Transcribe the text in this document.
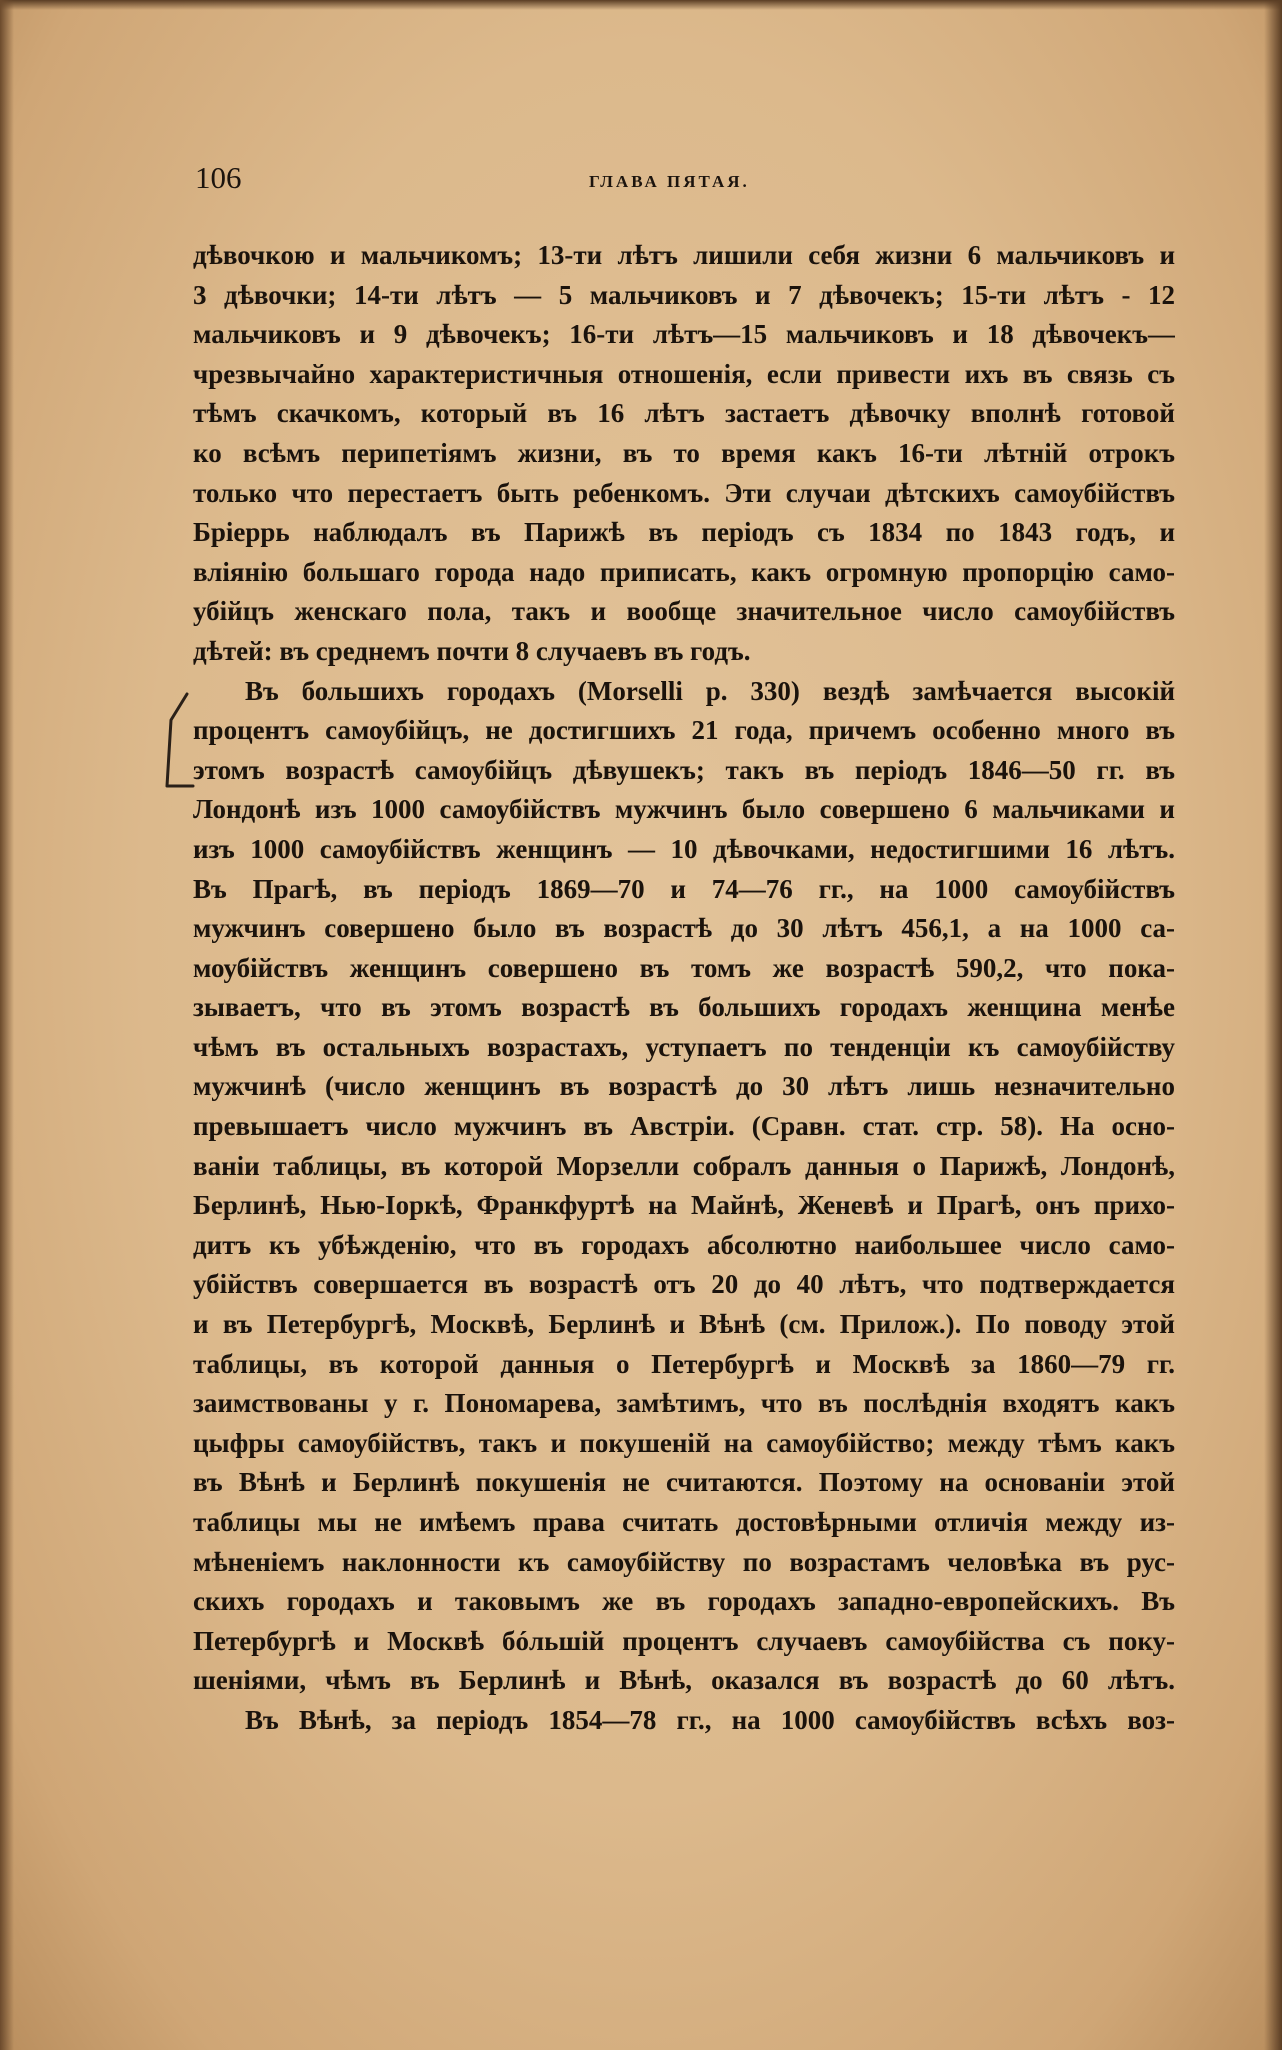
106	ГЛАВА ПЯТАЯ.
дѣвочкою и мальчикомъ; 13-ти лѣтъ лишили себя жизни 6 мальчиковъ и
3 дѣвочки; 14-ти лѣтъ — 5 мальчиковъ и 7 дѣвочекъ; 15-ти лѣтъ - 12
мальчиковъ и 9 дѣвочекъ; 16-ти лѣтъ—15 мальчиковъ и 18 дѣвочекъ—
чрезвычайно характеристичныя отношенія, если привести ихъ въ связь съ
тѣмъ скачкомъ, который въ 16 лѣтъ застаетъ дѣвочку вполнѣ готовой
ко всѣмъ перипетіямъ жизни, въ то время какъ 16-ти лѣтній отрокъ
только что перестаетъ быть ребенкомъ. Эти случаи дѣтскихъ самоубійствъ
Бріеррь наблюдалъ въ Парижѣ въ періодъ съ 1834 по 1843 годъ, и
вліянію большаго города надо приписать, какъ огромную пропорцію само-
убійцъ женскаго пола, такъ и вообще значительное число самоубійствъ
дѣтей: въ среднемъ почти 8 случаевъ въ годъ.
Въ большихъ городахъ (Morselli p. 330) вездѣ замѣчается высокій
процентъ самоубійцъ, не достигшихъ 21 года, причемъ особенно много въ
этомъ возрастѣ самоубійцъ дѣвушекъ; такъ въ періодъ 1846—50 гг. въ
Лондонѣ изъ 1000 самоубійствъ мужчинъ было совершено 6 мальчиками и
изъ 1000 самоубійствъ женщинъ — 10 дѣвочками, недостигшими 16 лѣтъ.
Въ Прагѣ, въ періодъ 1869—70 и 74—76 гг., на 1000 самоубійствъ
мужчинъ совершено было въ возрастѣ до 30 лѣтъ 456,1, а на 1000 са-
моубійствъ женщинъ совершено въ томъ же возрастѣ 590,2, что пока-
зываетъ, что въ этомъ возрастѣ въ большихъ городахъ женщина менѣе
чѣмъ въ остальныхъ возрастахъ, уступаетъ по тенденціи къ самоубійству
мужчинѣ (число женщинъ въ возрастѣ до 30 лѣтъ лишь незначительно
превышаетъ число мужчинъ въ Австріи. (Сравн. стат. стр. 58). На осно-
ваніи таблицы, въ которой Морзелли собралъ данныя о Парижѣ, Лондонѣ,
Берлинѣ, Нью-Іоркѣ, Франкфуртѣ на Майнѣ, Женевѣ и Прагѣ, онъ прихо-
дитъ къ убѣжденію, что въ городахъ абсолютно наибольшее число само-
убійствъ совершается въ возрастѣ отъ 20 до 40 лѣтъ, что подтверждается
и въ Петербургѣ, Москвѣ, Берлинѣ и Вѣнѣ (см. Прилож.). По поводу этой
таблицы, въ которой данныя о Петербургѣ и Москвѣ за 1860—79 гг.
заимствованы у г. Пономарева, замѣтимъ, что въ послѣднія входятъ какъ
цыфры самоубійствъ, такъ и покушеній на самоубійство; между тѣмъ какъ
въ Вѣнѣ и Берлинѣ покушенія не считаются. Поэтому на основаніи этой
таблицы мы не имѣемъ права считать достовѣрными отличія между из-
мѣненіемъ наклонности къ самоубійству по возрастамъ человѣка въ рус-
скихъ городахъ и таковымъ же въ городахъ западно-европейскихъ. Въ
Петербургѣ и Москвѣ бóльшій процентъ случаевъ самоубійства съ поку-
шеніями, чѣмъ въ Берлинѣ и Вѣнѣ, оказался въ возрастѣ до 60 лѣтъ.
Въ Вѣнѣ, за періодъ 1854—78 гг., на 1000 самоубійствъ всѣхъ воз-
